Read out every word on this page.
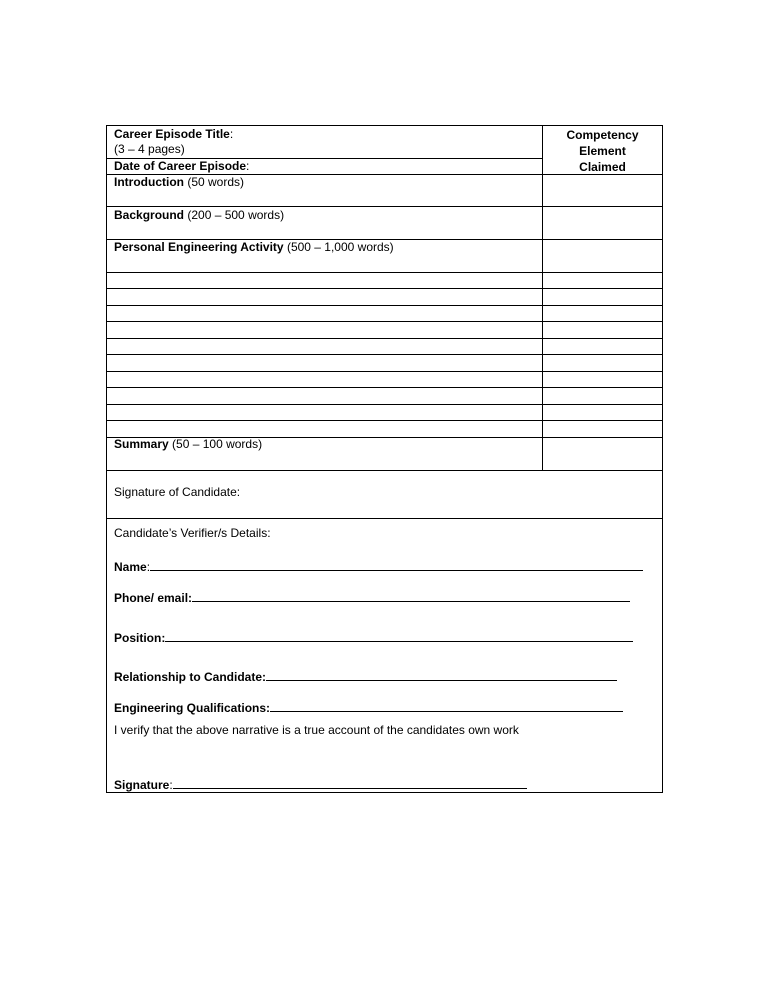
Career Episode Title:
(3 – 4 pages)
Date of Career Episode:
Competency
Element
Claimed
Introduction (50 words)
Background (200 – 500 words)
Personal Engineering Activity (500 – 1,000 words)
Summary (50 – 100 words)
Signature of Candidate:
Candidate’s Verifier/s Details:
Name:
Phone/ email:
Position:
Relationship to Candidate:
Engineering Qualifications:
I verify that the above narrative is a true account of the candidates own work
Signature:
